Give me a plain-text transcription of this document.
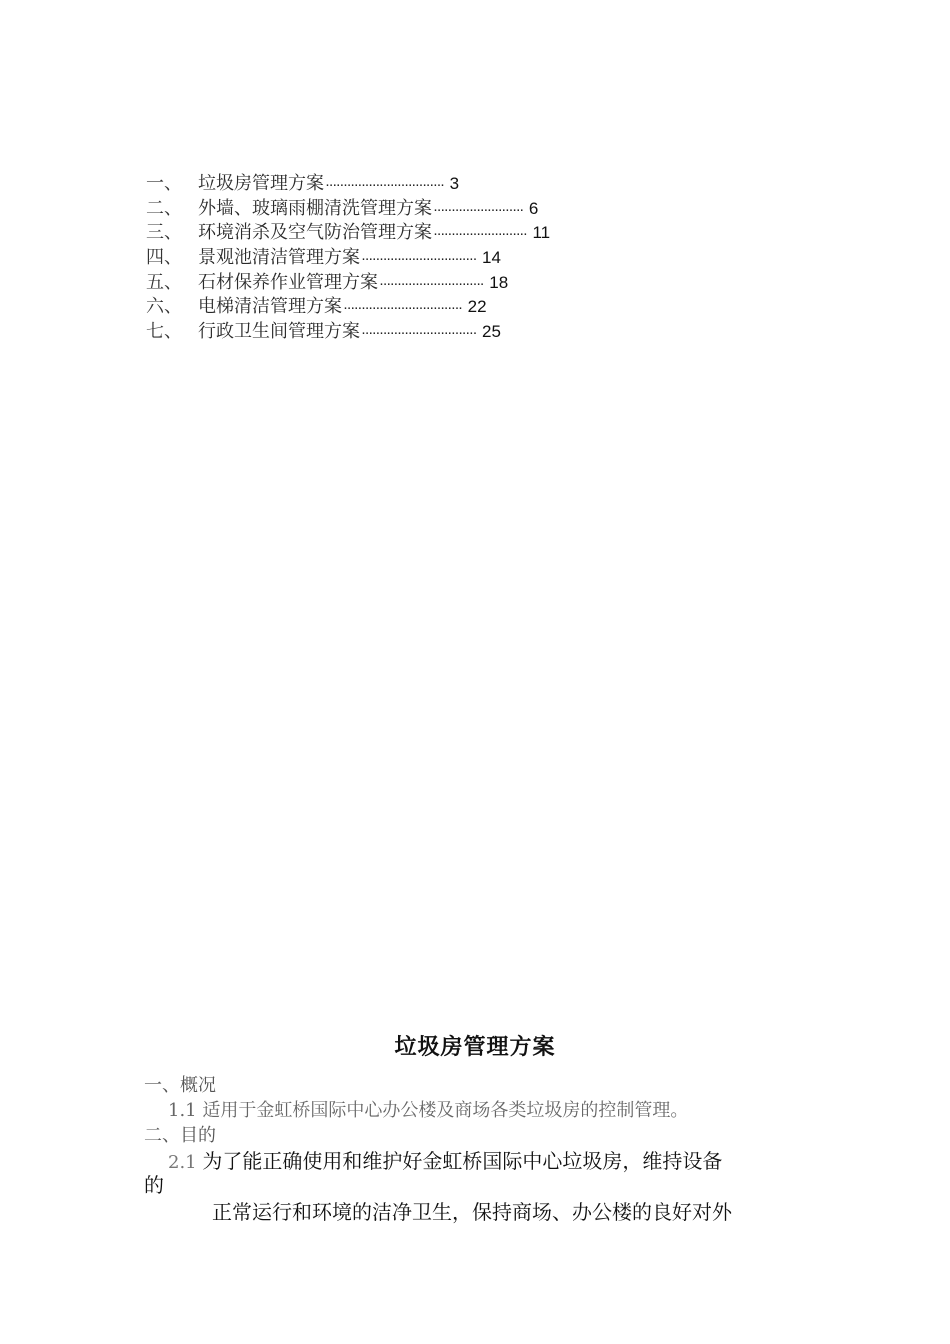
一、 垃圾房管理方案 ································· 3
二、 外墙、玻璃雨棚清洗管理方案 ························· 6
三、 环境消杀及空气防治管理方案 ·························· 11
四、 景观池清洁管理方案 ································ 14
五、 石材保养作业管理方案 ····························· 18
六、 电梯清洁管理方案 ································· 22
七、 行政卫生间管理方案 ································ 25
垃圾房管理方案
一、概况
1.1 适用于金虹桥国际中心办公楼及商场各类垃圾房的控制管理。
二、目的
2.1 为了能正确使用和维护好金虹桥国际中心垃圾房，维持设备
的
正常运行和环境的洁净卫生，保持商场、办公楼的良好对外
